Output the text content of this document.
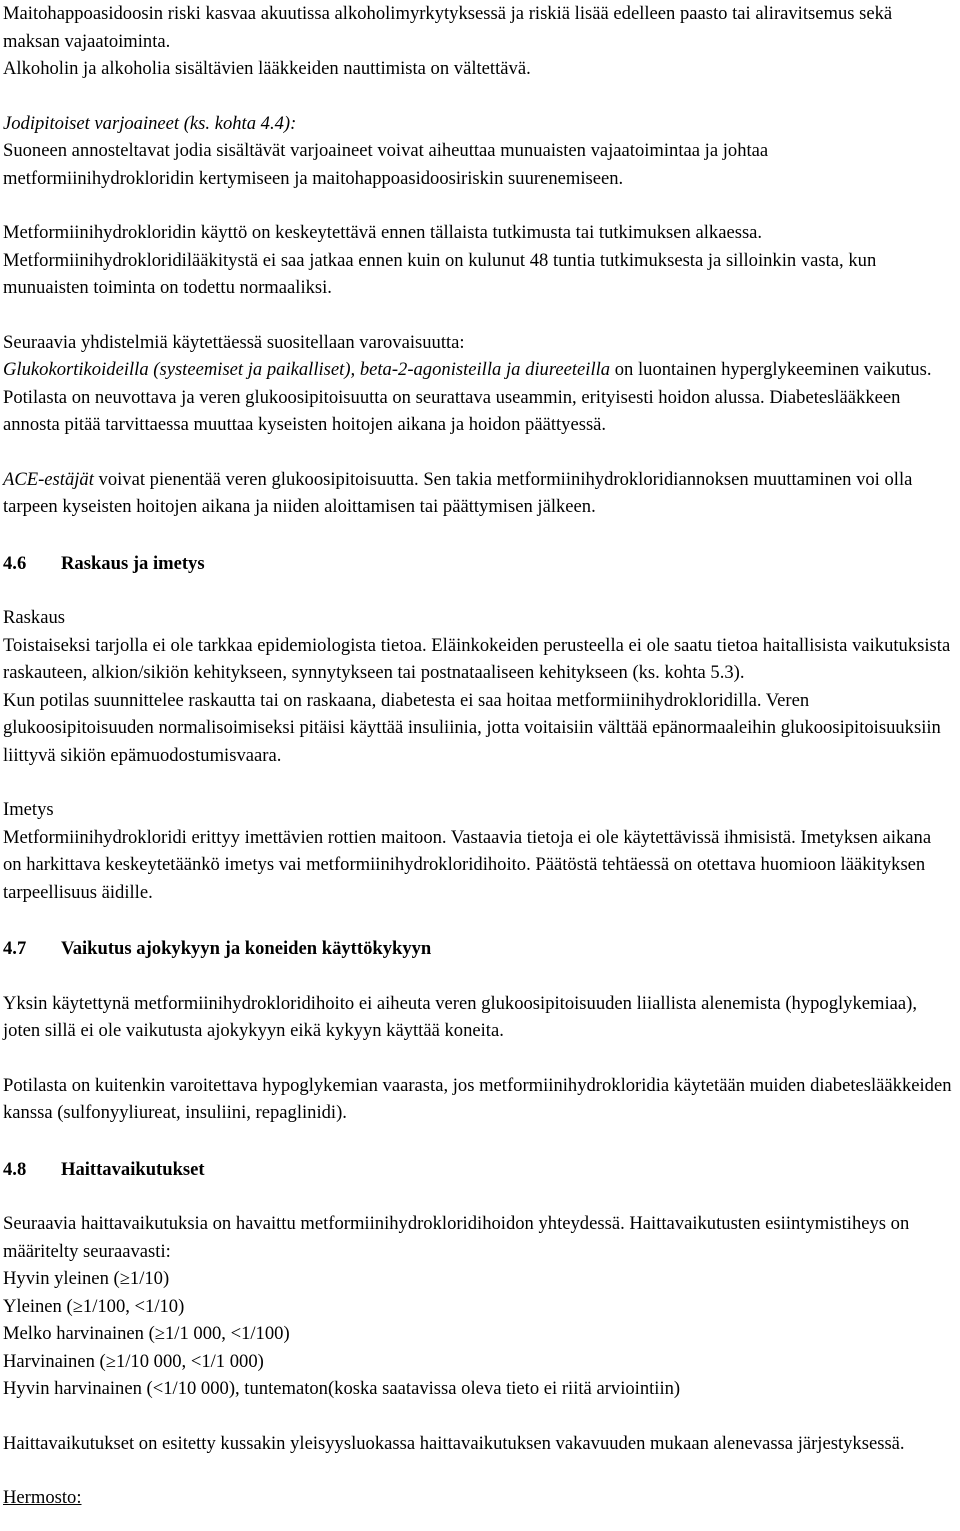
Maitohappoasidoosin riski kasvaa akuutissa alkoholimyrkytyksessä ja riskiä lisää edelleen paasto tai aliravitsemus sekä maksan vajaatoiminta.

Alkoholin ja alkoholia sisältävien lääkkeiden nauttimista on vältettävä.

Jodipitoiset varjoaineet (ks. kohta 4.4):

Suoneen annosteltavat jodia sisältävät varjoaineet voivat aiheuttaa munuaisten vajaatoimintaa ja johtaa metformiinihydrokloridin kertymiseen ja maitohappoasidoosiriskin suurenemiseen.

Metformiinihydrokloridin käyttö on keskeytettävä ennen tällaista tutkimusta tai tutkimuksen alkaessa.

Metformiinihydrokloridilääkitystä ei saa jatkaa ennen kuin on kulunut 48 tuntia tutkimuksesta ja silloinkin vasta, kun munuaisten toiminta on todettu normaaliksi.

Seuraavia yhdistelmiä käytettäessä suositellaan varovaisuutta:

Glukokortikoideilla (systeemiset ja paikalliset), beta-2-agonisteilla ja diureeteilla on luontainen hyperglykeeminen vaikutus. Potilasta on neuvottava ja veren glukoosipitoisuutta on seurattava useammin, erityisesti hoidon alussa. Diabeteslääkkeen annosta pitää tarvittaessa muuttaa kyseisten hoitojen aikana ja hoidon päättyessä.

ACE-estäjät voivat pienentää veren glukoosipitoisuutta. Sen takia metformiinihydrokloridiannoksen muuttaminen voi olla tarpeen kyseisten hoitojen aikana ja niiden aloittamisen tai päättymisen jälkeen.

4.6	Raskaus ja imetys

Raskaus

Toistaiseksi tarjolla ei ole tarkkaa epidemiologista tietoa. Eläinkokeiden perusteella ei ole saatu tietoa haitallisista vaikutuksista raskauteen, alkion/sikiön kehitykseen, synnytykseen tai postnataaliseen kehitykseen (ks. kohta 5.3).

Kun potilas suunnittelee raskautta tai on raskaana, diabetesta ei saa hoitaa metformiinihydrokloridilla. Veren glukoosipitoisuuden normalisoimiseksi pitäisi käyttää insuliinia, jotta voitaisiin välttää epänormaaleihin glukoosipitoisuuksiin liittyvä sikiön epämuodostumisvaara.

Imetys

Metformiinihydrokloridi erittyy imettävien rottien maitoon. Vastaavia tietoja ei ole käytettävissä ihmisistä. Imetyksen aikana on harkittava keskeytetäänkö imetys vai metformiinihydrokloridihoito. Päätöstä tehtäessä on otettava huomioon lääkityksen tarpeellisuus äidille.

4.7	Vaikutus ajokykyyn ja koneiden käyttökykyyn

Yksin käytettynä metformiinihydrokloridihoito ei aiheuta veren glukoosipitoisuuden liiallista alenemista (hypoglykemiaa), joten sillä ei ole vaikutusta ajokykyyn eikä kykyyn käyttää koneita.

Potilasta on kuitenkin varoitettava hypoglykemian vaarasta, jos metformiinihydrokloridia käytetään muiden diabeteslääkkeiden kanssa (sulfonyyliureat, insuliini, repaglinidi).

4.8	Haittavaikutukset

Seuraavia haittavaikutuksia on havaittu metformiinihydrokloridihoidon yhteydessä. Haittavaikutusten esiintymistiheys on määritelty seuraavasti:

Hyvin yleinen (≥1/10)

Yleinen (≥1/100, <1/10)

Melko harvinainen (≥1/1 000, <1/100)

Harvinainen (≥1/10 000, <1/1 000)

Hyvin harvinainen (<1/10 000), tuntematon(koska saatavissa oleva tieto ei riitä arviointiin)

Haittavaikutukset on esitetty kussakin yleisyysluokassa haittavaikutuksen vakavuuden mukaan alenevassa järjestyksessä.

Hermosto:
